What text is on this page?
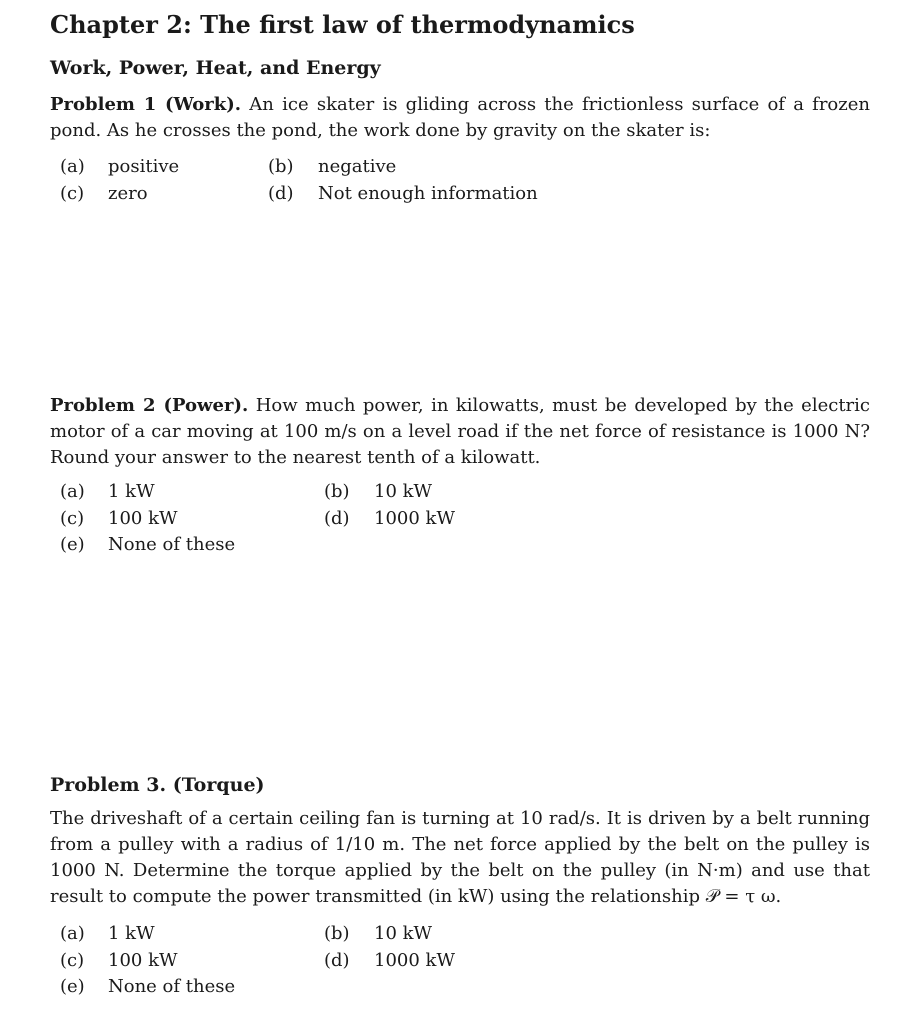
Chapter 2: The first law of thermodynamics
Work, Power, Heat, and Energy
Problem 1 (Work). An ice skater is gliding across the frictionless surface of a frozen pond. As he crosses the pond, the work done by gravity on the skater is:
(a) positive	(b) negative
(c) zero	(d) Not enough information
Problem 2 (Power). How much power, in kilowatts, must be developed by the electric motor of a car moving at 100 m/s on a level road if the net force of resistance is 1000 N? Round your answer to the nearest tenth of a kilowatt.
(a) 1 kW	(b) 10 kW
(c) 100 kW	(d) 1000 kW
(e) None of these
Problem 3. (Torque)
The driveshaft of a certain ceiling fan is turning at 10 rad/s. It is driven by a belt running from a pulley with a radius of 1/10 m. The net force applied by the belt on the pulley is 1000 N. Determine the torque applied by the belt on the pulley (in N·m) and use that result to compute the power transmitted (in kW) using the relationship 𝒫 = τ ω.
(a) 1 kW	(b) 10 kW
(c) 100 kW	(d) 1000 kW
(e) None of these
